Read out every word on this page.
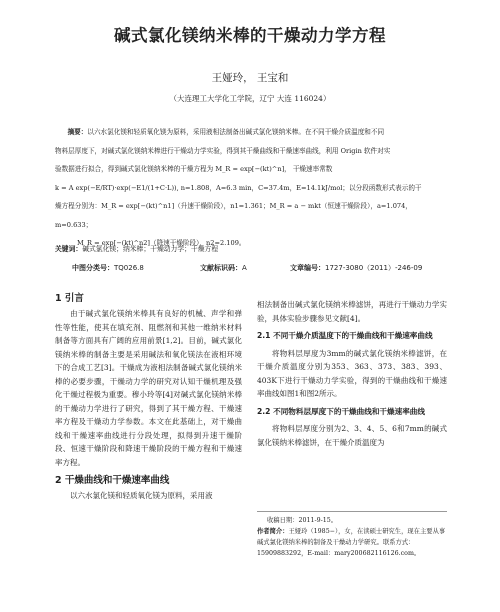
碱式氯化镁纳米棒的干燥动力学方程
王娅玲， 王宝和
（大连理工大学化工学院，辽宁 大连 116024）
摘要：以六水氯化镁和轻质氧化镁为原料，采用液相法制备出碱式氯化镁纳米棒。在不同干燥介质温度和不同
物料层厚度下，对碱式氯化镁纳米棒进行干燥动力学实验，得到其干燥曲线和干燥速率曲线，利用 Origin 软件对实
验数据进行拟合，得到碱式氯化镁纳米棒的干燥方程为 M_R = exp[−(kt)^n]， 干燥速率常数
k = A exp(−E/RT)·exp(−E1/(1+C·L)), n=1.808，A=6.3 min，C=37.4m，E=14.1kJ/mol；以分段函数形式表示的干
燥方程分别为：M_R = exp[−(kt)^n1]（升速干燥阶段），n1=1.361；M_R = a − mkt（恒速干燥阶段），a=1.074，m=0.633；
M_R = exp[−(kt)^n2]（降速干燥阶段），n2=2.109。
关键词：碱式氯化镁；纳米棒；干燥动力学；干燥方程
中图分类号：TQ026.8	文献标识码：A	文章编号：1727-3080（2011）-246-09
1 引言
由于碱式氯化镁纳米棒具有良好的机械、声学和弹性等性能，使其在填充剂、阻燃剂和其他一维纳米材料制备等方面具有广阔的应用前景[1,2]。目前，碱式氯化镁纳米棒的制备主要是采用碱法和氧化镁法在液相环境下的合成工艺[3]。干燥成为液相法制备碱式氯化镁纳米棒的必要步骤，干燥动力学的研究对认知干燥机理及强化干燥过程极为重要。穆小玲等[4]对碱式氯化镁纳米棒的干燥动力学进行了研究，得到了其干燥方程、干燥速率方程及干燥动力学参数。本文在此基础上，对干燥曲线和干燥速率曲线进行分段处理，拟得到升速干燥阶段、恒速干燥阶段和降速干燥阶段的干燥方程和干燥速率方程。
2 干燥曲线和干燥速率曲线
以六水氯化镁和轻质氧化镁为原料，采用液
相法制备出碱式氯化镁纳米棒滤饼，再进行干燥动力学实验，具体实验步骤参见文献[4]。
2.1 不同干燥介质温度下的干燥曲线和干燥速率曲线
将物料层厚度为3mm的碱式氯化镁纳米棒滤饼，在干燥介质温度分别为353、363、373、383、393、403K下进行干燥动力学实验，得到的干燥曲线和干燥速率曲线如图1和图2所示。
2.2 不同物料层厚度下的干燥曲线和干燥速率曲线
将物料层厚度分别为2、3、4、5、6和7mm的碱式氯化镁纳米棒滤饼，在干燥介质温度为
收稿日期：2011-9-15。
作者简介：王娅玲（1985−），女，在读硕士研究生，现在主要从事碱式氯化镁纳米棒的制备及干燥动力学研究。联系方式：15909883292，E-mail：mary200682116126.com。
